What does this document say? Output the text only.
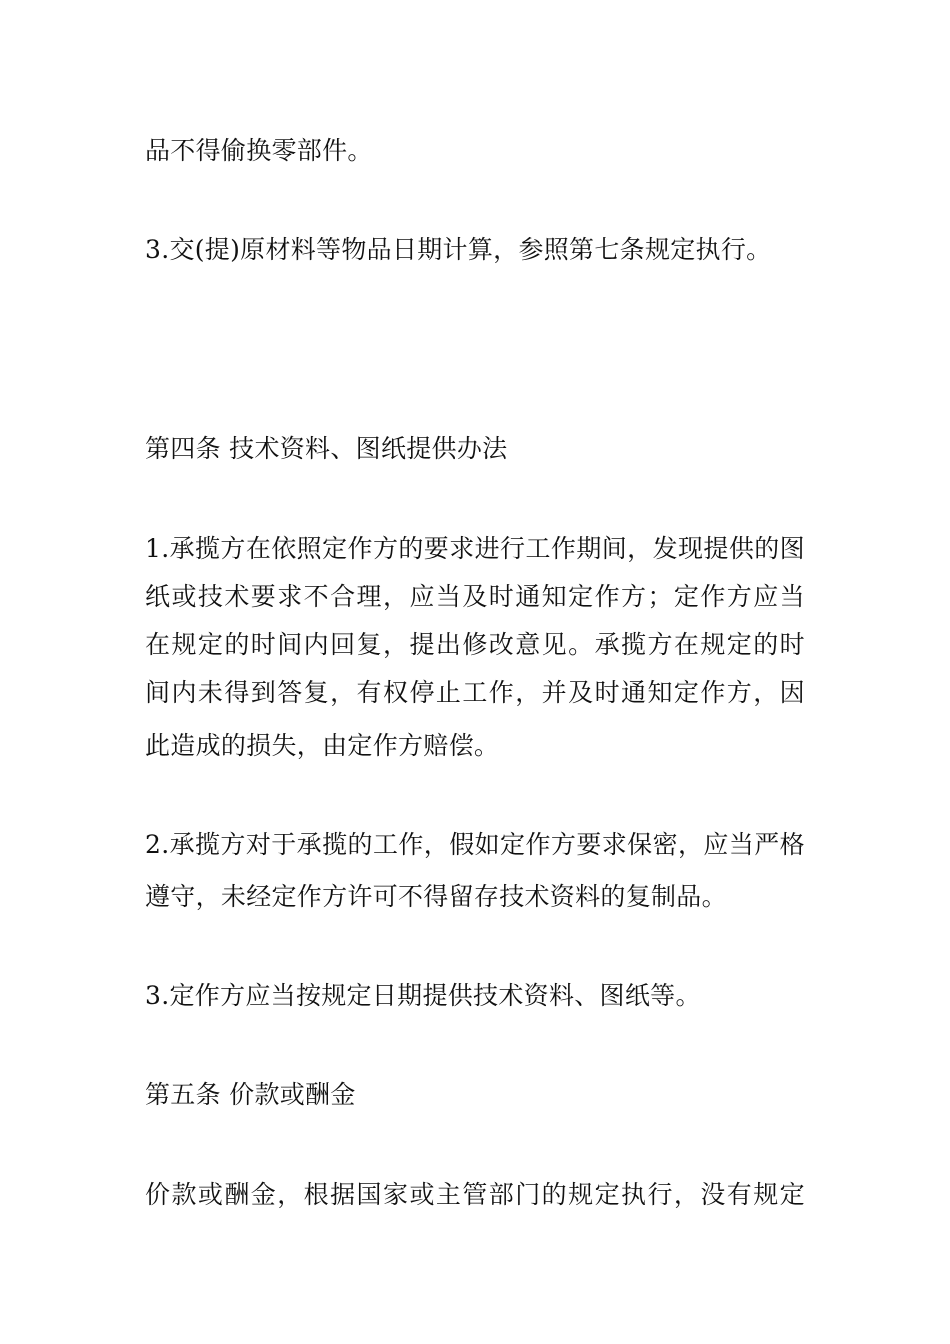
品不得偷换零部件。
3.交(提)原材料等物品日期计算，参照第七条规定执行。
第四条 技术资料、图纸提供办法
1.承揽方在依照定作方的要求进行工作期间，发现提供的图
纸或技术要求不合理，应当及时通知定作方；定作方应当
在规定的时间内回复，提出修改意见。承揽方在规定的时
间内未得到答复，有权停止工作，并及时通知定作方，因
此造成的损失，由定作方赔偿。
2.承揽方对于承揽的工作，假如定作方要求保密，应当严格
遵守，未经定作方许可不得留存技术资料的复制品。
3.定作方应当按规定日期提供技术资料、图纸等。
第五条 价款或酬金
价款或酬金，根据国家或主管部门的规定执行，没有规定
